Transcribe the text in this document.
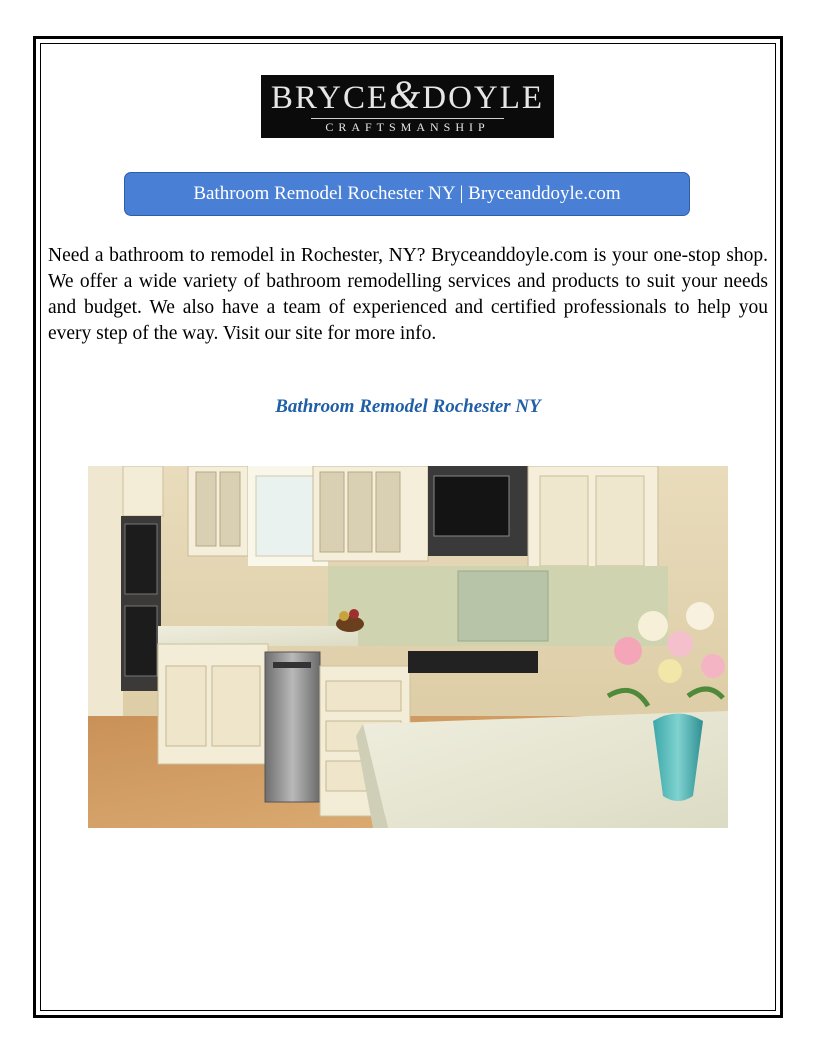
BRYCE&DOYLE
CRAFTSMANSHIP
Bathroom Remodel Rochester NY | Bryceanddoyle.com

Need a bathroom to remodel in Rochester, NY? Bryceanddoyle.com is your one-stop shop. We offer a wide variety of bathroom remodelling services and products to suit your needs and budget. We also have a team of experienced and certified professionals to help you every step of the way. Visit our site for more info.

Bathroom Remodel Rochester NY
